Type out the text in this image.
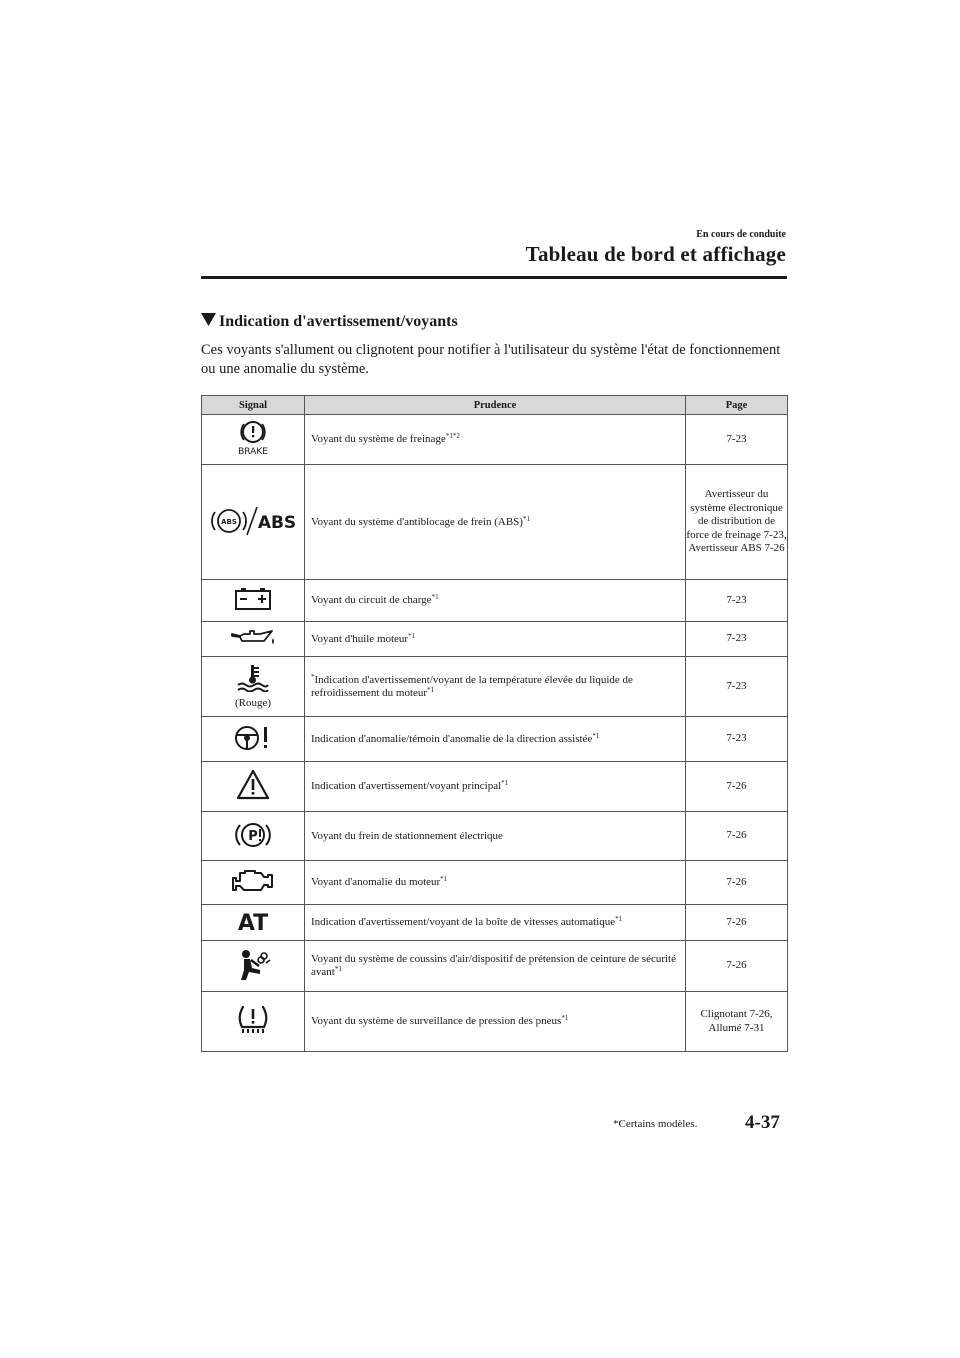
En cours de conduite
Tableau de bord et affichage
Indication d'avertissement/voyants
Ces voyants s'allument ou clignotent pour notifier à l'utilisateur du système l'état de fonctionnement ou une anomalie du système.
Signal	Prudence	Page

BRAKE	Voyant du système de freinage$^{*1*2}$	7-23

ABS ABS	Voyant du système d'antiblocage de frein (ABS)$^{*1}$	Avertisseur du système électronique de distribution de force de freinage 7-23, Avertisseur ABS 7-26

	Voyant du circuit de charge$^{*1}$	7-23

	Voyant d'huile moteur$^{*1}$	7-23

(Rouge)	*Indication d'avertissement/voyant de la température élevée du liquide de refroidissement du moteur$^{*1}$	7-23

	Indication d'anomalie/témoin d'anomalie de la direction assistée$^{*1}$	7-23

	Indication d'avertissement/voyant principal$^{*1}$	7-26

P	Voyant du frein de stationnement électrique	7-26

	Voyant d'anomalie du moteur$^{*1}$	7-26

AT	Indication d'avertissement/voyant de la boîte de vitesses automatique$^{*1}$	7-26

	Voyant du système de coussins d'air/dispositif de prétension de ceinture de sécurité avant$^{*1}$	7-26

	Voyant du système de surveillance de pression des pneus$^{*1}$	Clignotant 7-26, Allumé 7-31
*Certains modèles.	4-37
